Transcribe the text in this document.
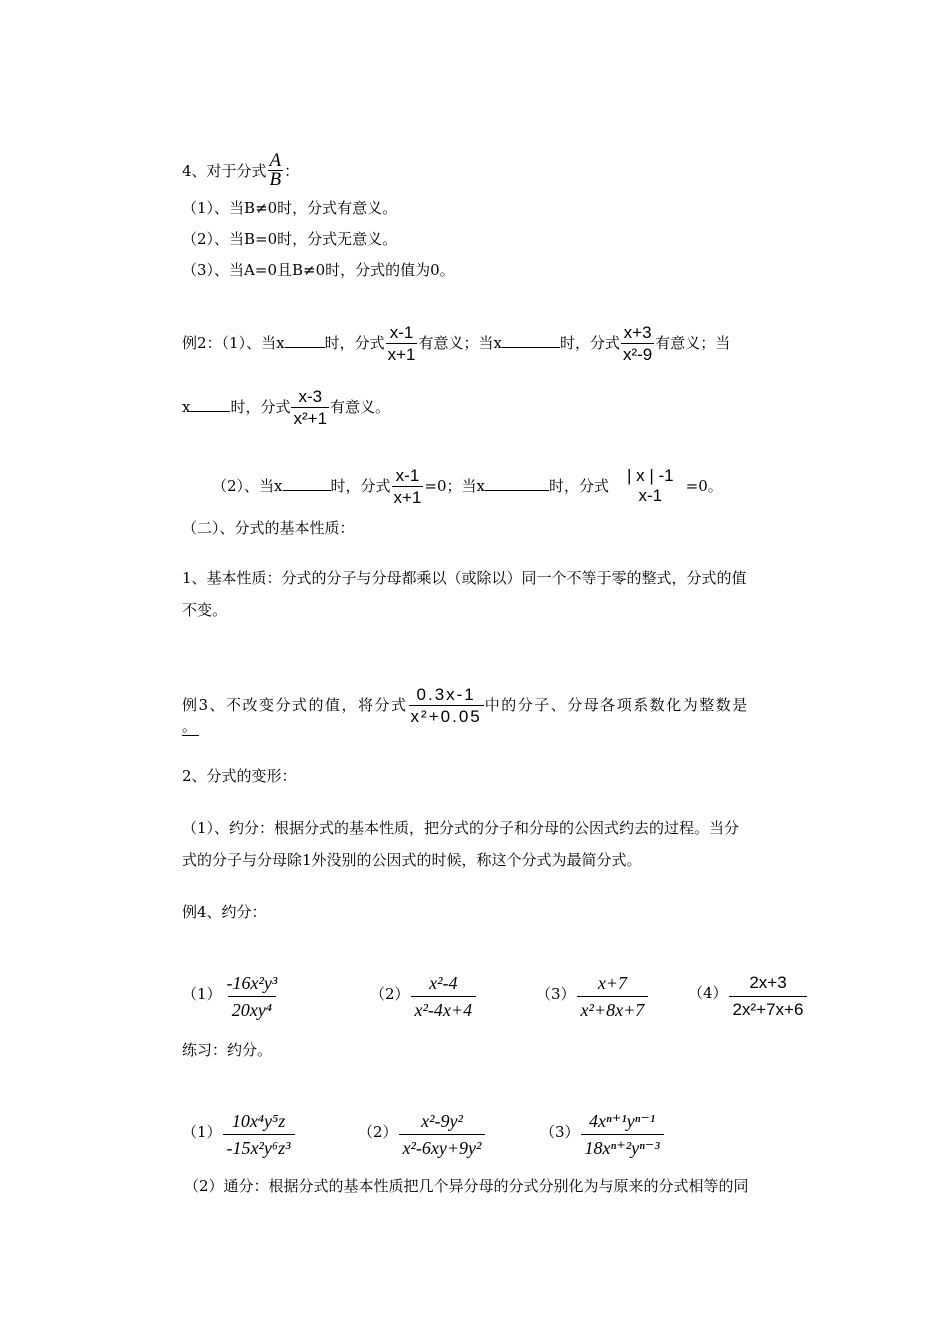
4、对于分式 $\frac{A}{B}$ ：
（1）、当B≠0时，分式有意义。
（2）、当B=0时，分式无意义。
（3）、当A=0且B≠0时，分式的值为0。
例2：（1）、当x	时，分式 $\frac{x-1}{x+1}$ 有意义；当x	时，分式 $\frac{x+3}{\text{x²-9}}$ 有意义；当
x	时，分式 $\frac{x-3}{\text{x²+1}}$ 有意义。
（2）、当x	时，分式 $\frac{x-1}{x+1} =0$；当x	时，分式
| x | -1
x-1 =0。
（二）、分式的基本性质：
1、基本性质：分式的分子与分母都乘以（或除以）同一个不等于零的整式，分式的值
不变。
例3、不改变分式的值，将分式 $\frac{0.3x-1}{\text{x²+0.05}}$ 中的分子、分母各项系数化为整数是
。
2、分式的变形：
（1）、约分：根据分式的基本性质，把分式的分子和分母的公因式约去的过程。当分
式的分子与分母除1外没别的公因式的时候，称这个分式为最简分式。
例4、约分：
$(1) \frac{\text{-16x²y³}}{\text{20xy⁴}}$	$(2) \frac{\text{x²-4}}{\text{x²-4x+4}}$	$(3) \frac{x+7}{\text{x²+8x+7}}$	$(4) \frac{2x+3}{\text{2x²+7x+6}}$
练习：约分。
$(1) \frac{\text{10x⁴y⁵z}}{\text{-15x²y⁶z³}}$	$(2) \frac{\text{x²-9y²}}{\text{x²-6xy+9y²}}$	$(3) \frac{\text{4xⁿ⁺¹yⁿ⁻¹}}{\text{18xⁿ⁺²yⁿ⁻³}}$
（2）通分：根据分式的基本性质把几个异分母的分式分别化为与原来的分式相等的同
